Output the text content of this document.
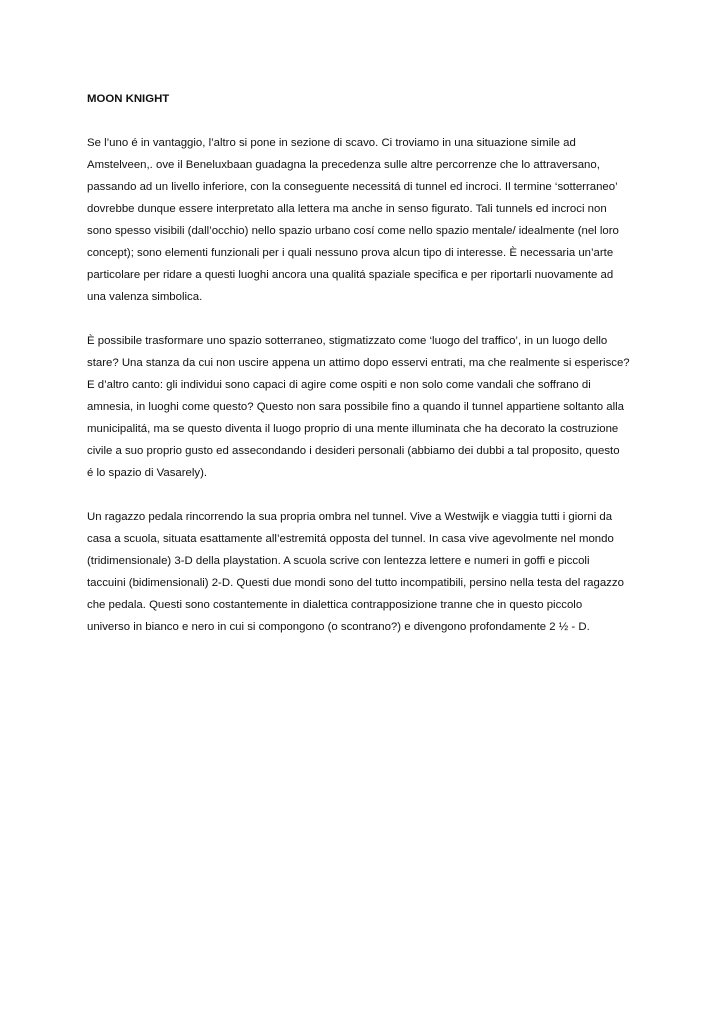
MOON KNIGHT
Se l’uno é in vantaggio, l’altro si pone in sezione di scavo. Ci troviamo in una situazione simile ad
Amstelveen,. ove il Beneluxbaan guadagna la precedenza sulle altre percorrenze che lo attraversano,
passando ad un livello inferiore, con la conseguente necessitá di tunnel ed incroci. Il termine ‘sotterraneo’
dovrebbe dunque essere interpretato alla lettera ma anche in senso figurato. Tali tunnels ed incroci non
sono spesso visibili (dall’occhio) nello spazio urbano cosí come nello spazio mentale/ idealmente (nel loro
concept); sono elementi funzionali per i quali nessuno prova alcun tipo di interesse. È necessaria un’arte
particolare per ridare a questi luoghi ancora una qualitá spaziale specifica e per riportarli nuovamente ad
una valenza simbolica.
È possibile trasformare uno spazio sotterraneo, stigmatizzato come ‘luogo del traffico’, in un luogo dello
stare? Una stanza da cui non uscire appena un attimo dopo esservi entrati, ma che realmente si esperisce?
E d’altro canto: gli individui sono capaci di agire come ospiti e non solo come vandali che soffrano di
amnesia, in luoghi come questo? Questo non sara possibile fino a quando il tunnel appartiene soltanto alla
municipalitá, ma se questo diventa il luogo proprio di una mente illuminata che ha decorato la costruzione
civile a suo proprio gusto ed assecondando i desideri personali (abbiamo dei dubbi a tal proposito, questo
é lo spazio di Vasarely).
Un ragazzo pedala rincorrendo la sua propria ombra nel tunnel. Vive a Westwijk e viaggia tutti i giorni da
casa a scuola, situata esattamente all’estremitá opposta del tunnel. In casa vive agevolmente nel mondo
(tridimensionale) 3-D della playstation. A scuola scrive con lentezza lettere e numeri in goffi e piccoli
taccuini (bidimensionali) 2-D. Questi due mondi sono del tutto incompatibili, persino nella testa del ragazzo
che pedala. Questi sono costantemente in dialettica contrapposizione tranne che in questo piccolo
universo in bianco e nero in cui si compongono (o scontrano?) e divengono profondamente 2 ½ - D.
